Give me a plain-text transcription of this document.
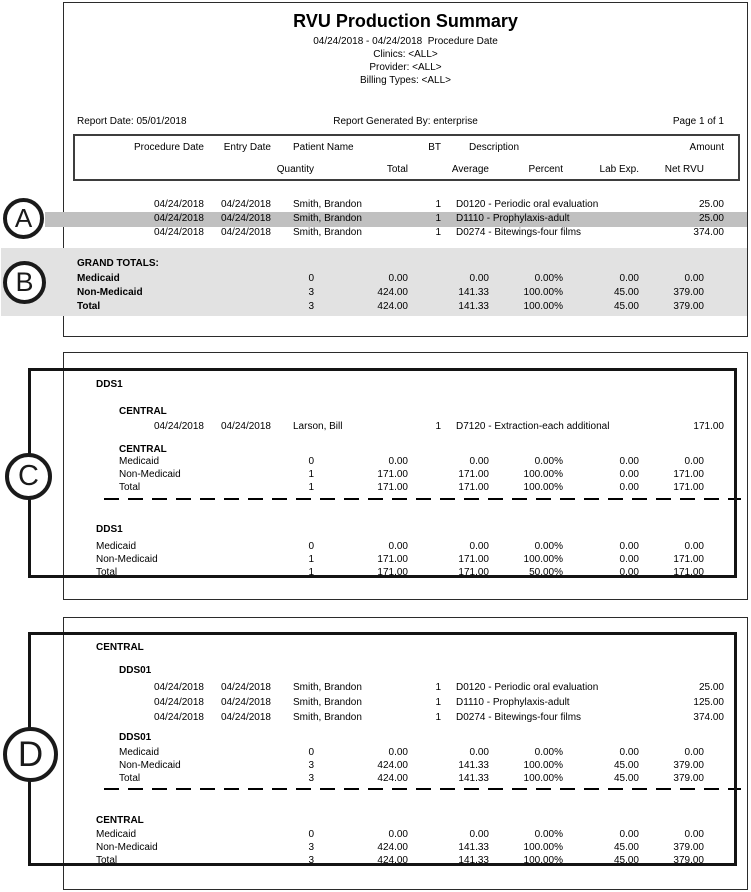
RVU Production Summary
04/24/2018 - 04/24/2018  Procedure Date
Clinics: <ALL>
Provider: <ALL>
Billing Types: <ALL>
Report Date: 05/01/2018	Report Generated By: enterprise	Page 1 of 1
Procedure Date	Entry Date Patient Name	BT	Description	Amount
Quantity	Total	Average	Percent	Lab Exp.	Net RVU
04/24/2018	04/24/2018 Smith, Brandon	1 D0120 - Periodic oral evaluation	25.00
04/24/2018	04/24/2018 Smith, Brandon	1 D1110 - Prophylaxis-adult	25.00
04/24/2018	04/24/2018 Smith, Brandon	1 D0274 - Bitewings-four films	374.00
GRAND TOTALS:
Medicaid	0	0.00	0.00	0.00%	0.00	0.00
Non-Medicaid	3	424.00	141.33	100.00%	45.00	379.00
Total	3	424.00	141.33	100.00%	45.00	379.00
DDS1
CENTRAL
04/24/2018	04/24/2018 Larson, Bill	1 D7120 - Extraction-each additional	171.00
CENTRAL
Medicaid	0	0.00	0.00	0.00%	0.00	0.00
Non-Medicaid	1	171.00	171.00	100.00%	0.00	171.00
Total	1	171.00	171.00	100.00%	0.00	171.00
DDS1
Medicaid	0	0.00	0.00	0.00%	0.00	0.00
Non-Medicaid	1	171.00	171.00	100.00%	0.00	171.00
Total	1	171.00	171.00	50.00%	0.00	171.00
CENTRAL
DDS01
04/24/2018	04/24/2018 Smith, Brandon	1 D0120 - Periodic oral evaluation	25.00
04/24/2018	04/24/2018 Smith, Brandon	1 D1110 - Prophylaxis-adult	125.00
04/24/2018	04/24/2018 Smith, Brandon	1 D0274 - Bitewings-four films	374.00
DDS01
Medicaid	0	0.00	0.00	0.00%	0.00	0.00
Non-Medicaid	3	424.00	141.33	100.00%	45.00	379.00
Total	3	424.00	141.33	100.00%	45.00	379.00
CENTRAL
Medicaid	0	0.00	0.00	0.00%	0.00	0.00
Non-Medicaid	3	424.00	141.33	100.00%	45.00	379.00
Total	3	424.00	141.33	100.00%	45.00	379.00
A
B
C
D
